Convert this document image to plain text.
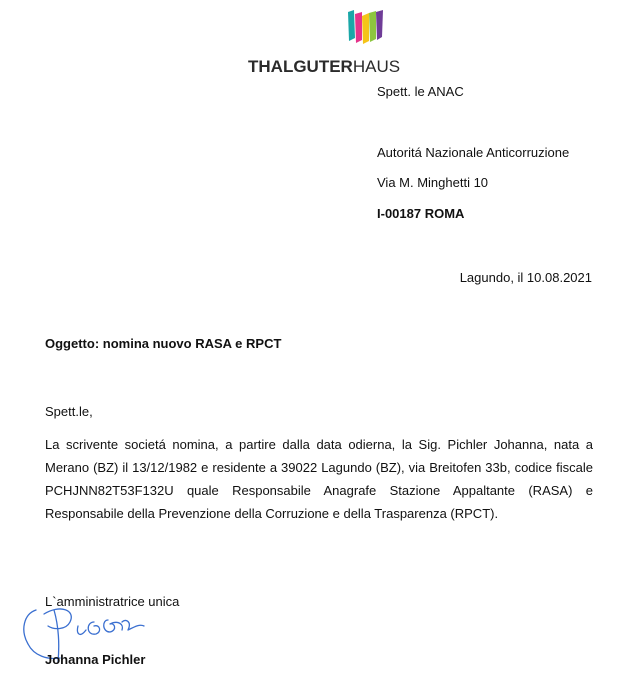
THALGUTERHAUS
Spett. le ANAC
Autoritá Nazionale Anticorruzione
Via M. Minghetti 10
I-00187 ROMA
Lagundo, il 10.08.2021
Oggetto: nomina nuovo RASA e RPCT
Spett.le,
La scrivente societá nomina, a partire dalla data odierna, la Sig. Pichler Johanna, nata a Merano (BZ) il 13/12/1982 e residente a 39022 Lagundo (BZ), via Breitofen 33b, codice fiscale PCHJNN82T53F132U quale Responsabile Anagrafe Stazione Appaltante (RASA) e Responsabile della Prevenzione della Corruzione e della Trasparenza (RPCT).
L`amministratrice unica
Johanna Pichler
